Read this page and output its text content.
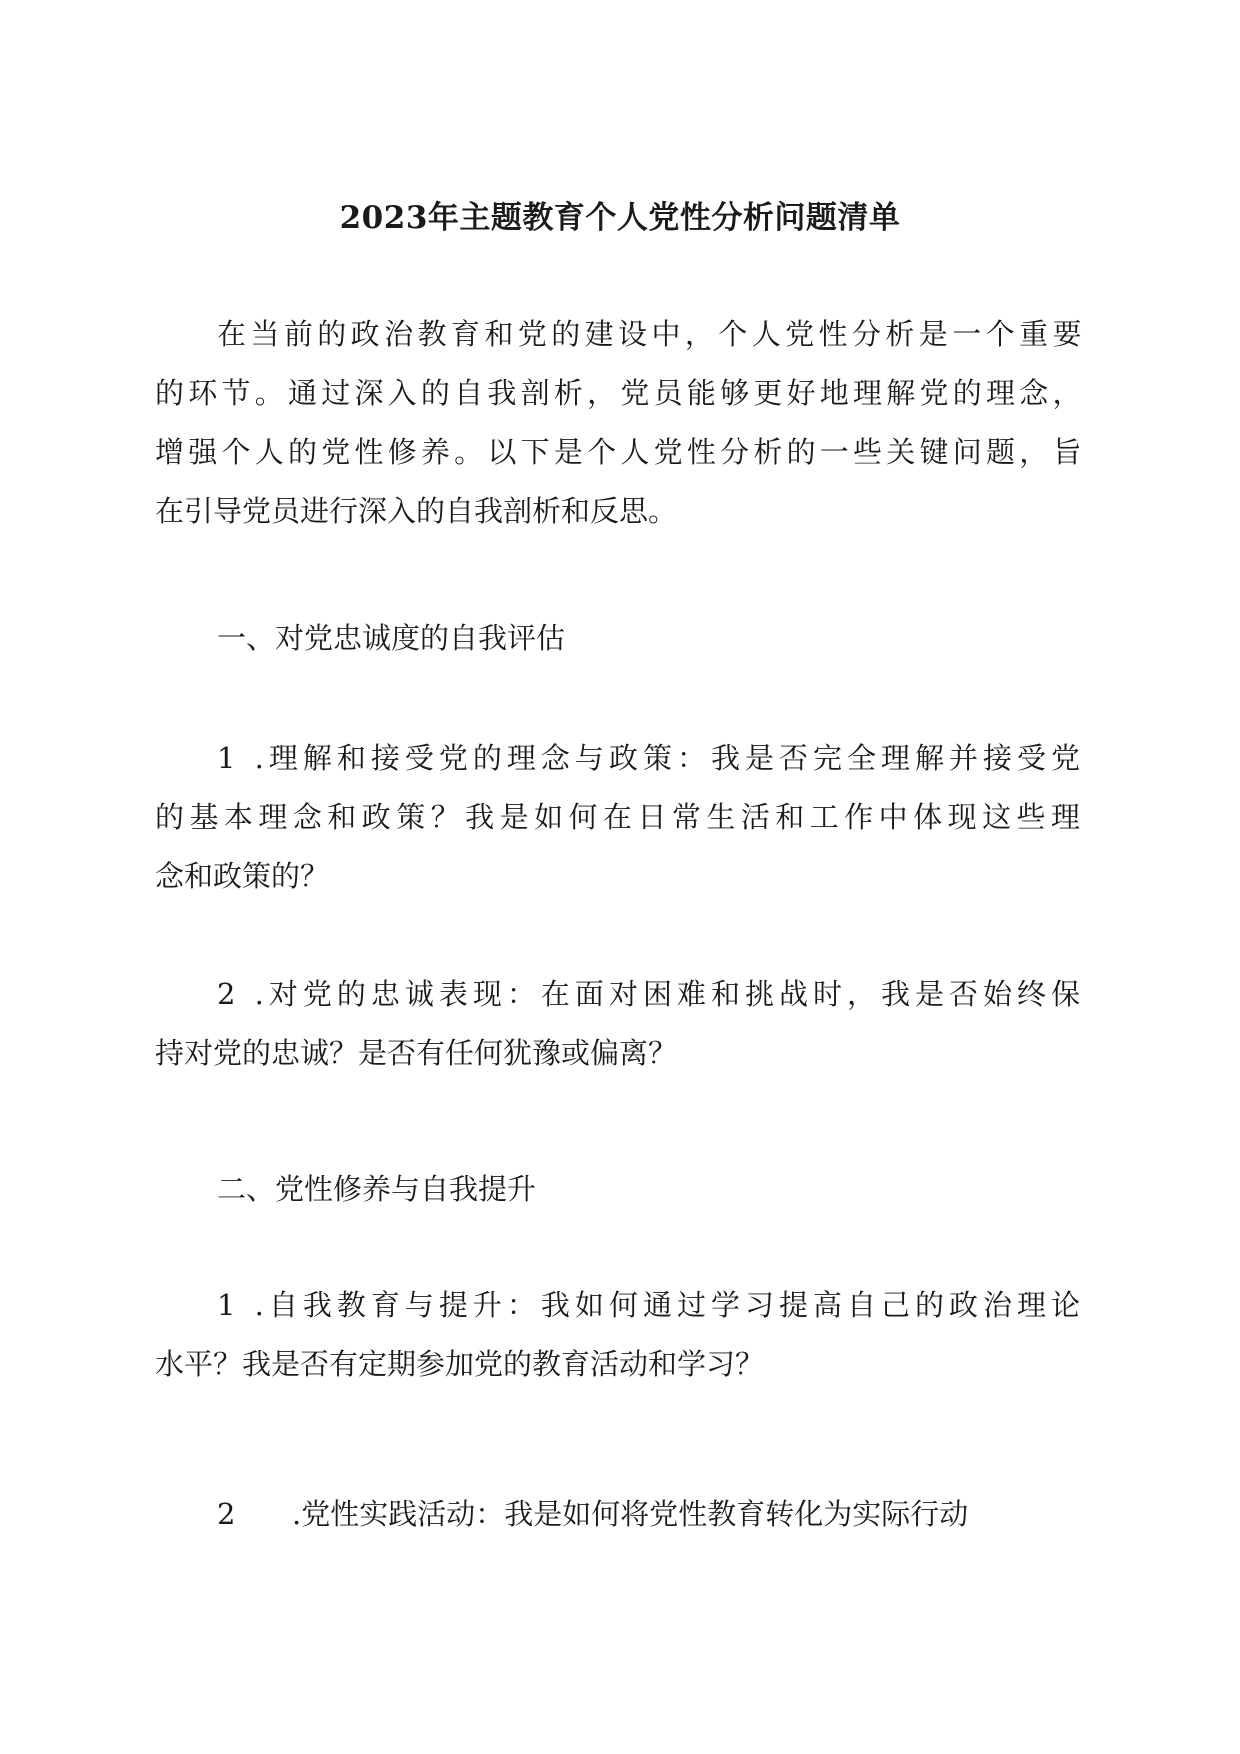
2023年主题教育个人党性分析问题清单
在当前的政治教育和党的建设中，个人党性分析是一个重要的环节。通过深入的自我剖析，党员能够更好地理解党的理念，增强个人的党性修养。以下是个人党性分析的一些关键问题，旨在引导党员进行深入的自我剖析和反思。
一、对党忠诚度的自我评估
1 .理解和接受党的理念与政策：我是否完全理解并接受党的基本理念和政策？我是如何在日常生活和工作中体现这些理念和政策的？
2 .对党的忠诚表现：在面对困难和挑战时，我是否始终保持对党的忠诚？是否有任何犹豫或偏离？
二、党性修养与自我提升
1 .自我教育与提升：我如何通过学习提高自己的政治理论水平？我是否有定期参加党的教育活动和学习？
2 .党性实践活动：我是如何将党性教育转化为实际行动
